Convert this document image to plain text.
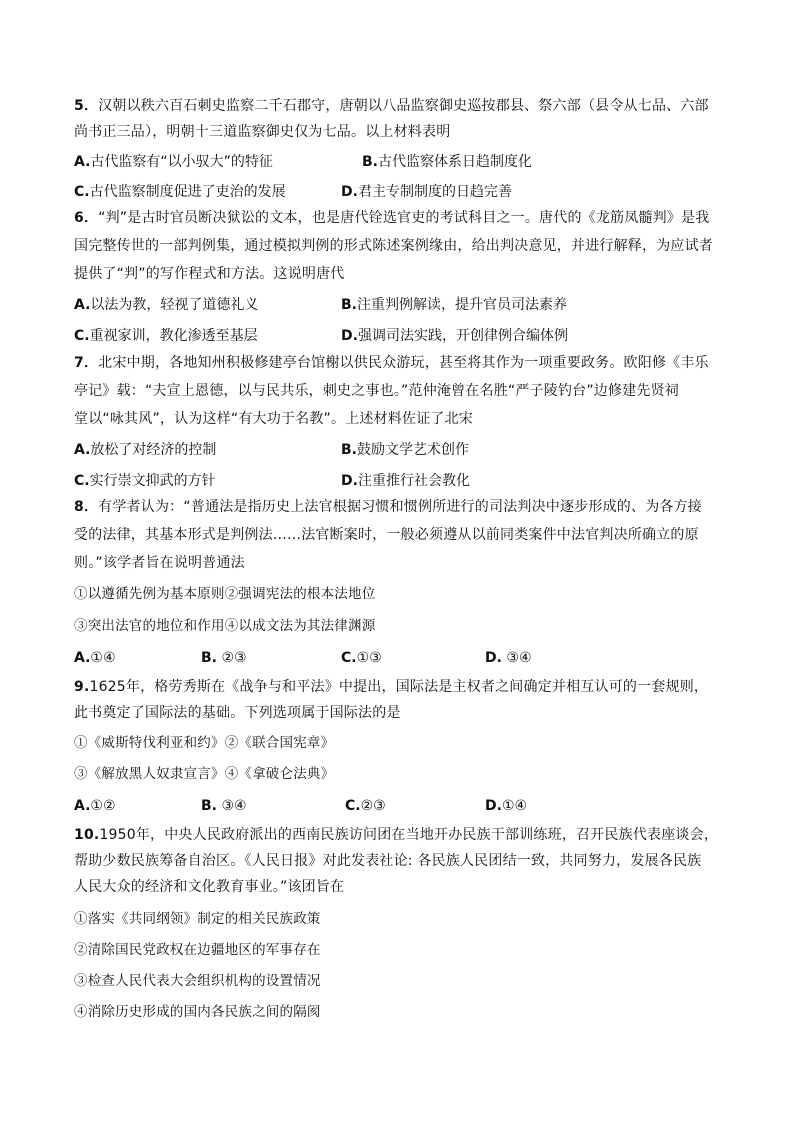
5．汉朝以秩六百石刺史监察二千石郡守，唐朝以八品监察御史巡按郡县、祭六部（县令从七品、六部
尚书正三品），明朝十三道监察御史仅为七品。以上材料表明
A.古代监察有“以小驭大”的特征	B.古代监察体系日趋制度化
C.古代监察制度促进了吏治的发展	D.君主专制制度的日趋完善
6．“判”是古时官员断决狱讼的文本，也是唐代铨选官吏的考试科目之一。唐代的《龙筋凤髓判》是我
国完整传世的一部判例集，通过模拟判例的形式陈述案例缘由，给出判决意见，并进行解释，为应试者
提供了“判”的写作程式和方法。这说明唐代
A.以法为教，轻视了道德礼义	B.注重判例解读，提升官员司法素养
C.重视家训，教化渗透至基层	D.强调司法实践，开创律例合编体例
7．北宋中期，各地知州积极修建亭台馆榭以供民众游玩，甚至将其作为一项重要政务。欧阳修《丰乐
亭记》载：“夫宣上恩德，以与民共乐，刺史之事也。”范仲淹曾在名胜“严子陵钓台”边修建先贤祠
堂以“咏其风”，认为这样“有大功于名教”。上述材料佐证了北宋
A.放松了对经济的控制	B.鼓励文学艺术创作
C.实行崇文抑武的方针	D.注重推行社会教化
8．有学者认为：“普通法是指历史上法官根据习惯和惯例所进行的司法判决中逐步形成的、为各方接
受的法律，其基本形式是判例法……法官断案时，一般必须遵从以前同类案件中法官判决所确立的原
则。”该学者旨在说明普通法
①以遵循先例为基本原则②强调宪法的根本法地位
③突出法官的地位和作用④以成文法为其法律渊源
A.①④	B. ②③	C.①③	D. ③④
9.1625年，格劳秀斯在《战争与和平法》中提出，国际法是主权者之间确定并相互认可的一套规则，
此书奠定了国际法的基础。下列选项属于国际法的是
①《威斯特伐利亚和约》②《联合国宪章》
③《解放黑人奴隶宣言》④《拿破仑法典》
A.①②	B. ③④	C.②③	D.①④
10.1950年，中央人民政府派出的西南民族访问团在当地开办民族干部训练班，召开民族代表座谈会，
帮助少数民族筹备自治区。《人民日报》对此发表社论: 各民族人民团结一致，共同努力，发展各民族
人民大众的经济和文化教育事业。”该团旨在
①落实《共同纲领》制定的相关民族政策
②清除国民党政权在边疆地区的军事存在
③检查人民代表大会组织机构的设置情况
④消除历史形成的国内各民族之间的隔阂
